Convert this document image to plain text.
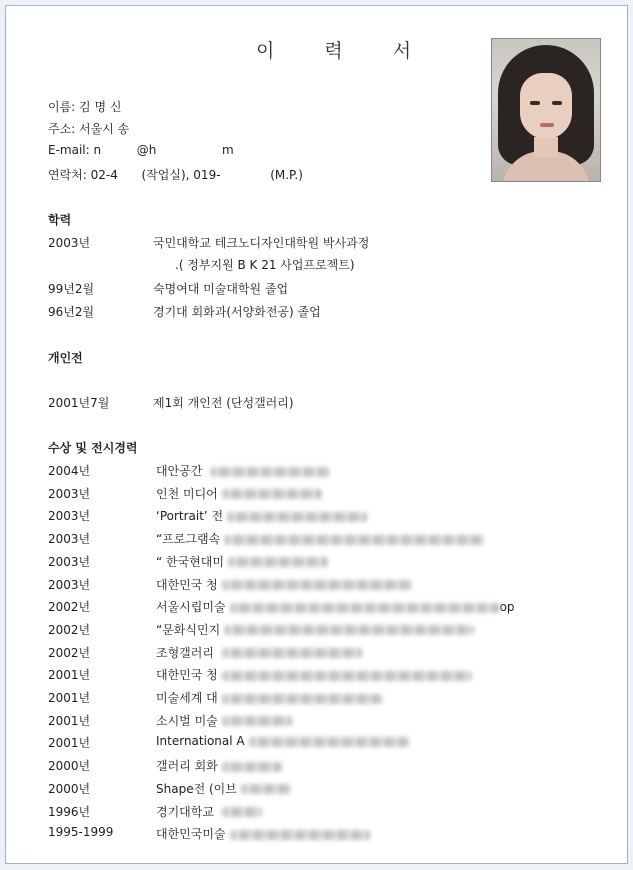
이 력 서
이름: 김 명 신
주소: 서울시 송
E-mail: n	@h	m
연락처: 02-4 (작업실), 019-	(M.P.)
학력
2003년	국민대학교 테크노디자인대학원 박사과정
.( 정부지원 B K 21 사업프로젝트)
99년2월	숙명여대 미술대학원 졸업
96년2월	경기대 회화과(서양화전공) 졸업
개인전
2001년7월	제1회 개인전 (단성갤러리)
수상 및 전시경력
2004년	대안공간
2003년	인천 미디어
2003년	‘Portrait’ 전
2003년	“프로그램속
2003년	“ 한국현대미
2003년	대한민국 청
2002년	서울시립미술	op
2002년	“문화식민지
2002년	조형갤러리
2001년	대한민국 청
2001년	미술세계 대
2001년	소시벌 미술
2001년	International A
2000년	갤러리 회화
2000년	Shape전 (이브
1996년	경기대학교
1995-1999	대한민국미술
